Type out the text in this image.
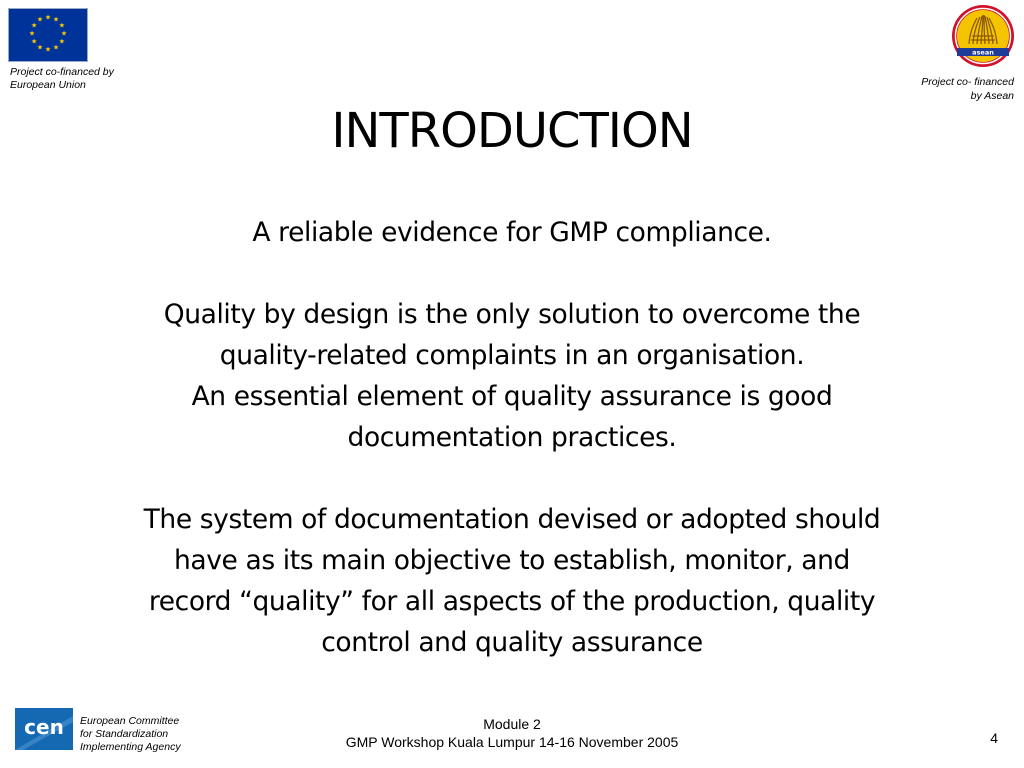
★ ★
★
★
★
★
★
★
★
★
★
★
Project co-financed by
European Union
asean
Project co- financed
by Asean
INTRODUCTION

A reliable evidence for GMP compliance.

Quality by design is the only solution to overcome the

quality-related complaints in an organisation.

An essential element of quality assurance is good

documentation practices.

The system of documentation devised or adopted should

have as its main objective to establish, monitor, and

record “quality” for all aspects of the production, quality

control and quality assurance

cen European Committee
for Standardization
Implementing Agency
Module 2
GMP Workshop Kuala Lumpur 14-16 November 2005	4
